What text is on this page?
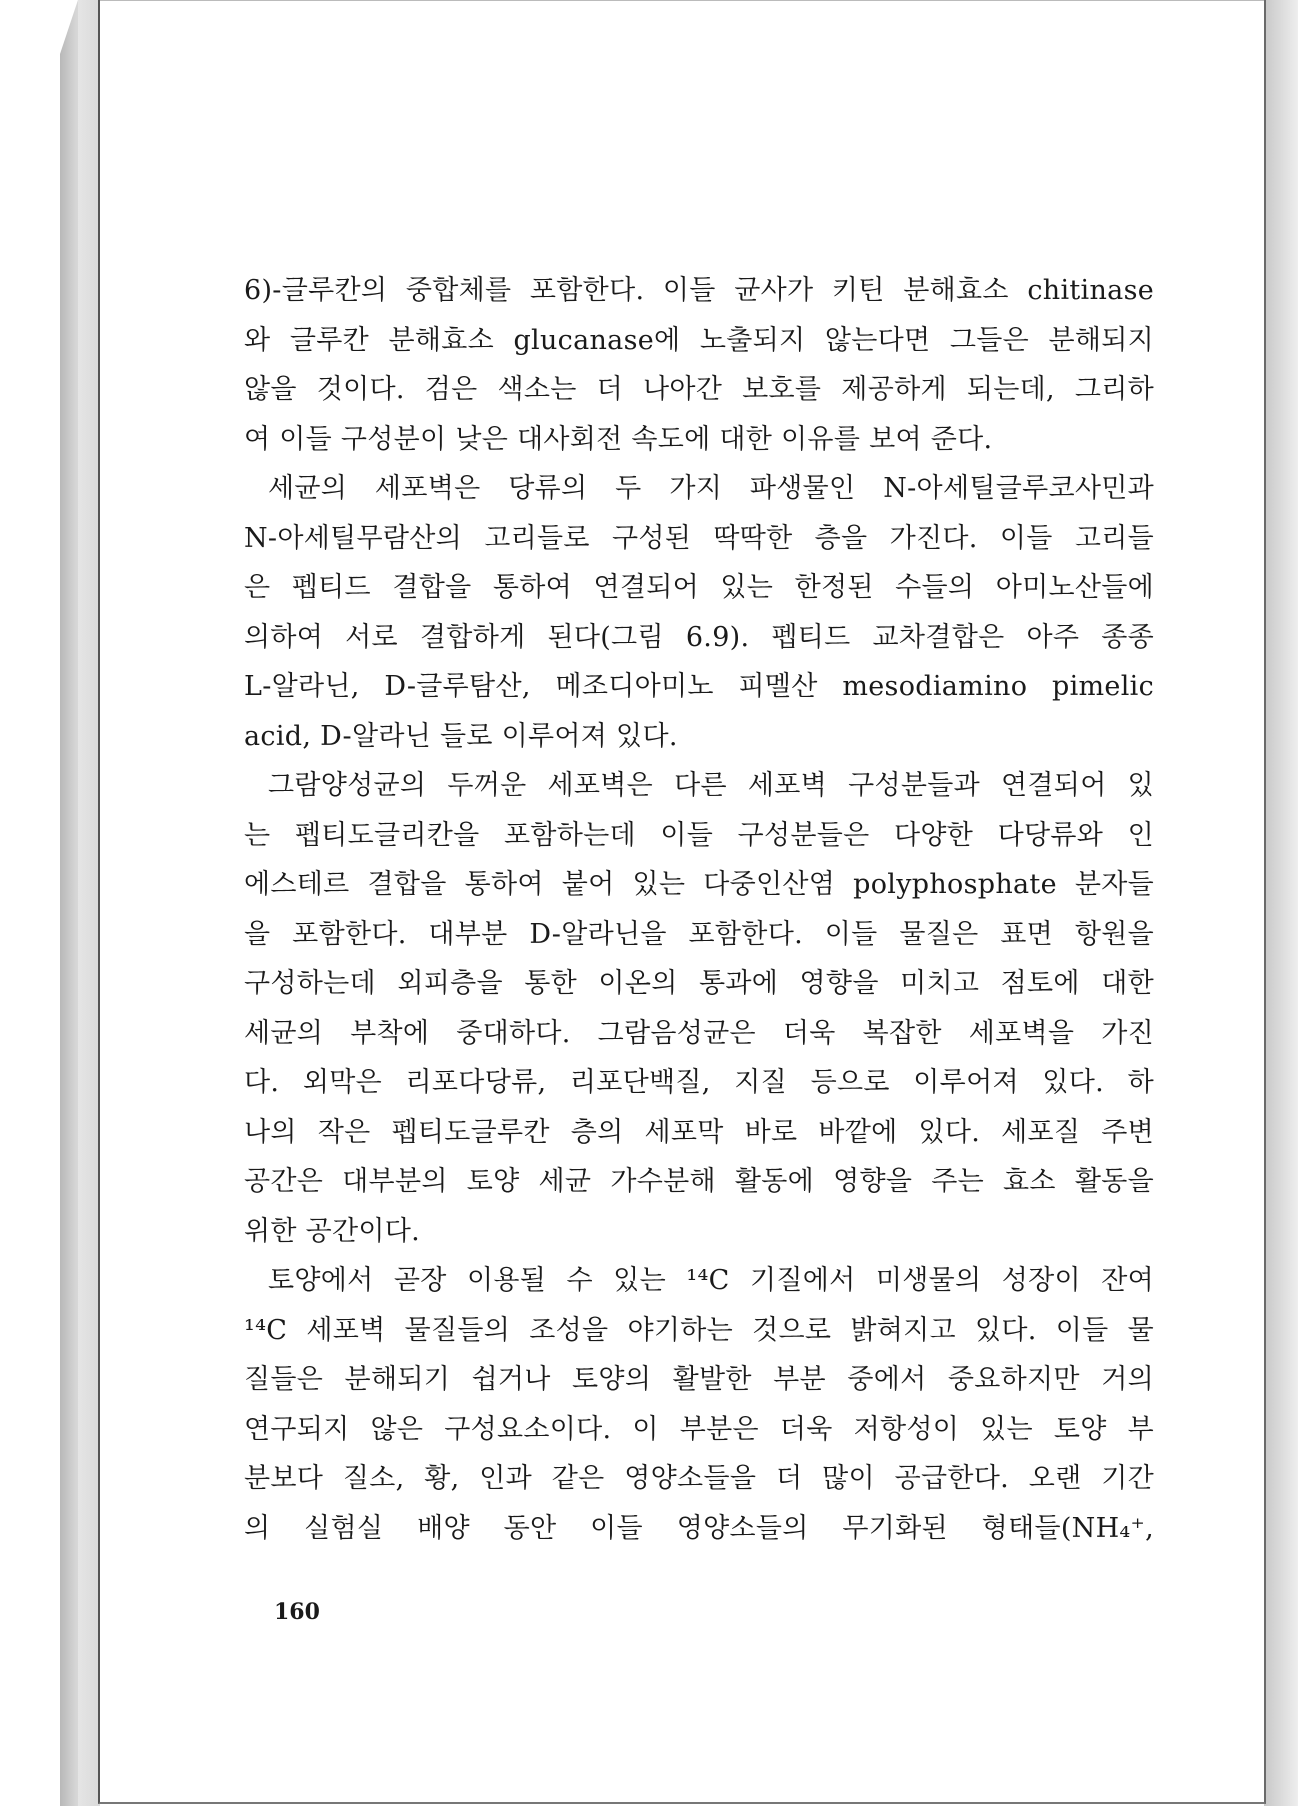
6)-글루칸의 중합체를 포함한다. 이들 균사가 키틴 분해효소 chitinase
와 글루칸 분해효소 glucanase에 노출되지 않는다면 그들은 분해되지
않을 것이다. 검은 색소는 더 나아간 보호를 제공하게 되는데, 그리하
여 이들 구성분이 낮은 대사회전 속도에 대한 이유를 보여 준다.
세균의 세포벽은 당류의 두 가지 파생물인 N-아세틸글루코사민과
N-아세틸무람산의 고리들로 구성된 딱딱한 층을 가진다. 이들 고리들
은 펩티드 결합을 통하여 연결되어 있는 한정된 수들의 아미노산들에
의하여 서로 결합하게 된다(그림 6.9). 펩티드 교차결합은 아주 종종
L-알라닌, D-글루탐산, 메조디아미노 피멜산 mesodiamino pimelic
acid, D-알라닌 들로 이루어져 있다.
그람양성균의 두꺼운 세포벽은 다른 세포벽 구성분들과 연결되어 있
는 펩티도글리칸을 포함하는데 이들 구성분들은 다양한 다당류와 인
에스테르 결합을 통하여 붙어 있는 다중인산염 polyphosphate 분자들
을 포함한다. 대부분 D-알라닌을 포함한다. 이들 물질은 표면 항원을
구성하는데 외피층을 통한 이온의 통과에 영향을 미치고 점토에 대한
세균의 부착에 중대하다. 그람음성균은 더욱 복잡한 세포벽을 가진
다. 외막은 리포다당류, 리포단백질, 지질 등으로 이루어져 있다. 하
나의 작은 펩티도글루칸 층의 세포막 바로 바깥에 있다. 세포질 주변
공간은 대부분의 토양 세균 가수분해 활동에 영향을 주는 효소 활동을
위한 공간이다.
토양에서 곧장 이용될 수 있는 ¹⁴C 기질에서 미생물의 성장이 잔여
¹⁴C 세포벽 물질들의 조성을 야기하는 것으로 밝혀지고 있다. 이들 물
질들은 분해되기 쉽거나 토양의 활발한 부분 중에서 중요하지만 거의
연구되지 않은 구성요소이다. 이 부분은 더욱 저항성이 있는 토양 부
분보다 질소, 황, 인과 같은 영양소들을 더 많이 공급한다. 오랜 기간
의 실험실 배양 동안 이들 영양소들의 무기화된 형태들(NH₄⁺,
160
